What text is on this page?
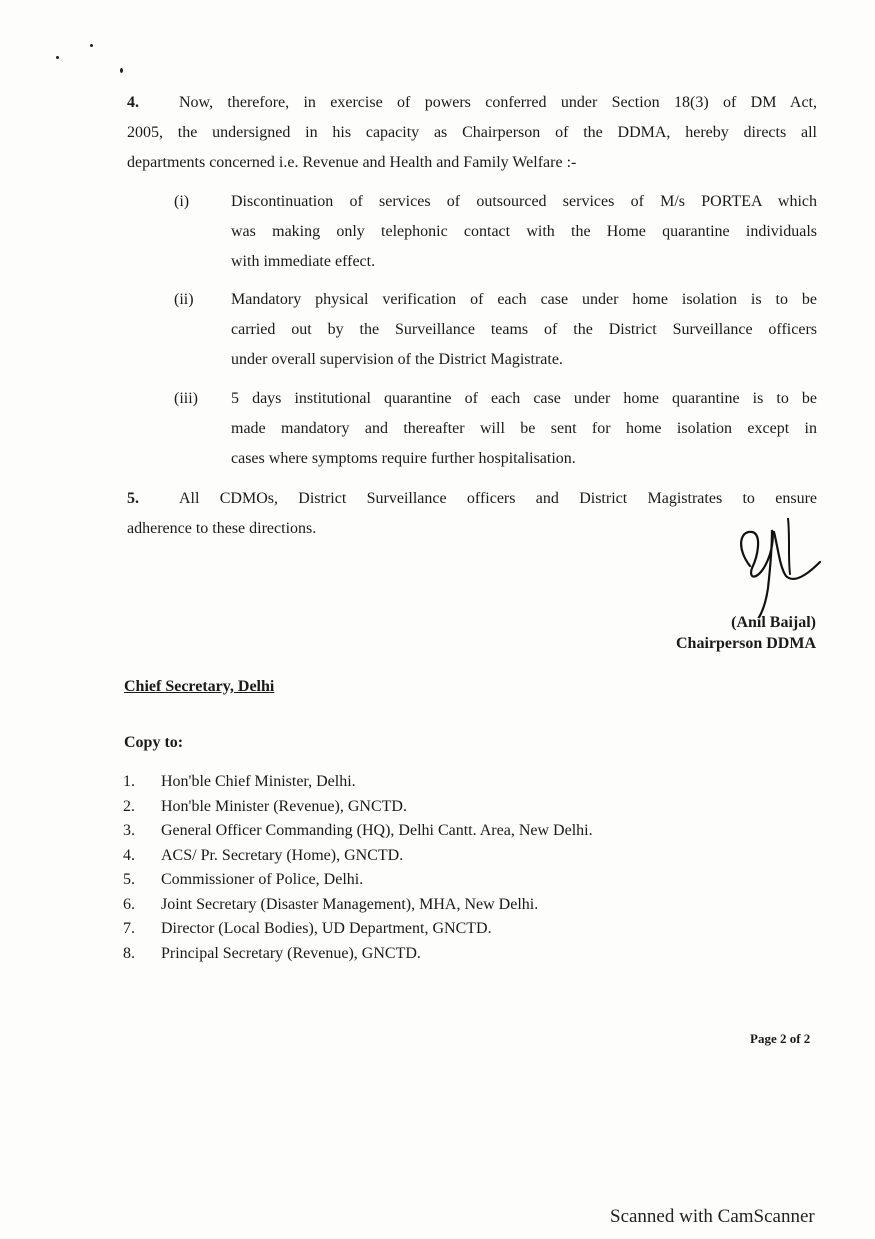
4.	Now, therefore, in exercise of powers conferred under Section 18(3) of DM Act,
2005, the undersigned in his capacity as Chairperson of the DDMA, hereby directs all
departments concerned i.e. Revenue and Health and Family Welfare :-
(i)	Discontinuation of services of outsourced services of M/s PORTEA which
was making only telephonic contact with the Home quarantine individuals
with immediate effect.
(ii) Mandatory physical verification of each case under home isolation is to be
carried out by the Surveillance teams of the District Surveillance officers
under overall supervision of the District Magistrate.
(iii) 5 days institutional quarantine of each case under home quarantine is to be
made mandatory and thereafter will be sent for home isolation except in
cases where symptoms require further hospitalisation.
5.	All CDMOs, District Surveillance officers and District Magistrates to ensure
adherence to these directions.
(Anil Baijal)
Chairperson DDMA
Chief Secretary, Delhi
Copy to:
1. Hon'ble Chief Minister, Delhi.
2. Hon'ble Minister (Revenue), GNCTD.
3. General Officer Commanding (HQ), Delhi Cantt. Area, New Delhi.
4. ACS/ Pr. Secretary (Home), GNCTD.
5. Commissioner of Police, Delhi.
6. Joint Secretary (Disaster Management), MHA, New Delhi.
7. Director (Local Bodies), UD Department, GNCTD.
8. Principal Secretary (Revenue), GNCTD.
Page 2 of 2
Scanned with CamScanner
